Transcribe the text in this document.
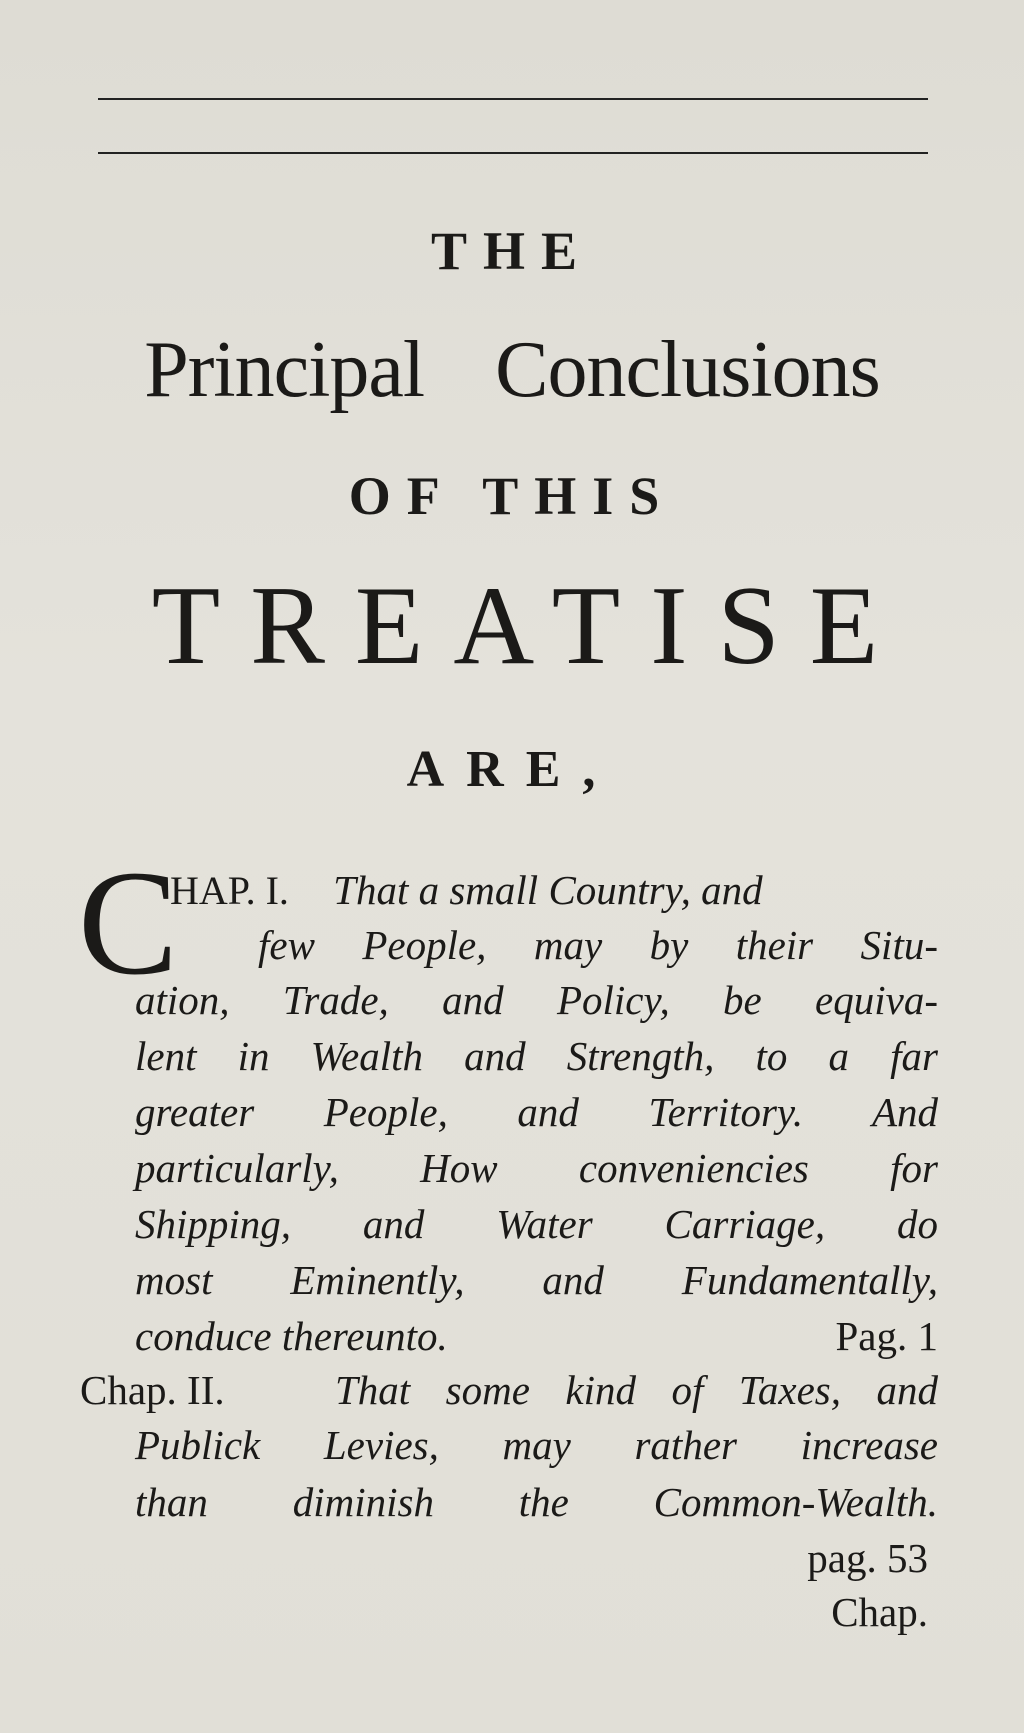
THE
Principal Conclusions
OF THIS
TREATISE
ARE,
C
HAP. I. That a small Country, and
few People, may by their Situ-
ation, Trade, and Policy, be equiva-
lent in Wealth and Strength, to a far
greater People, and Territory. And
particularly, How conveniencies for
Shipping, and Water Carriage, do
most Eminently, and Fundamentally,
conduce thereunto.	Pag. 1
Chap. II.	That some kind of Taxes, and
Publick Levies, may rather increase
than diminish the Common-Wealth.
pag. 53
Chap.
